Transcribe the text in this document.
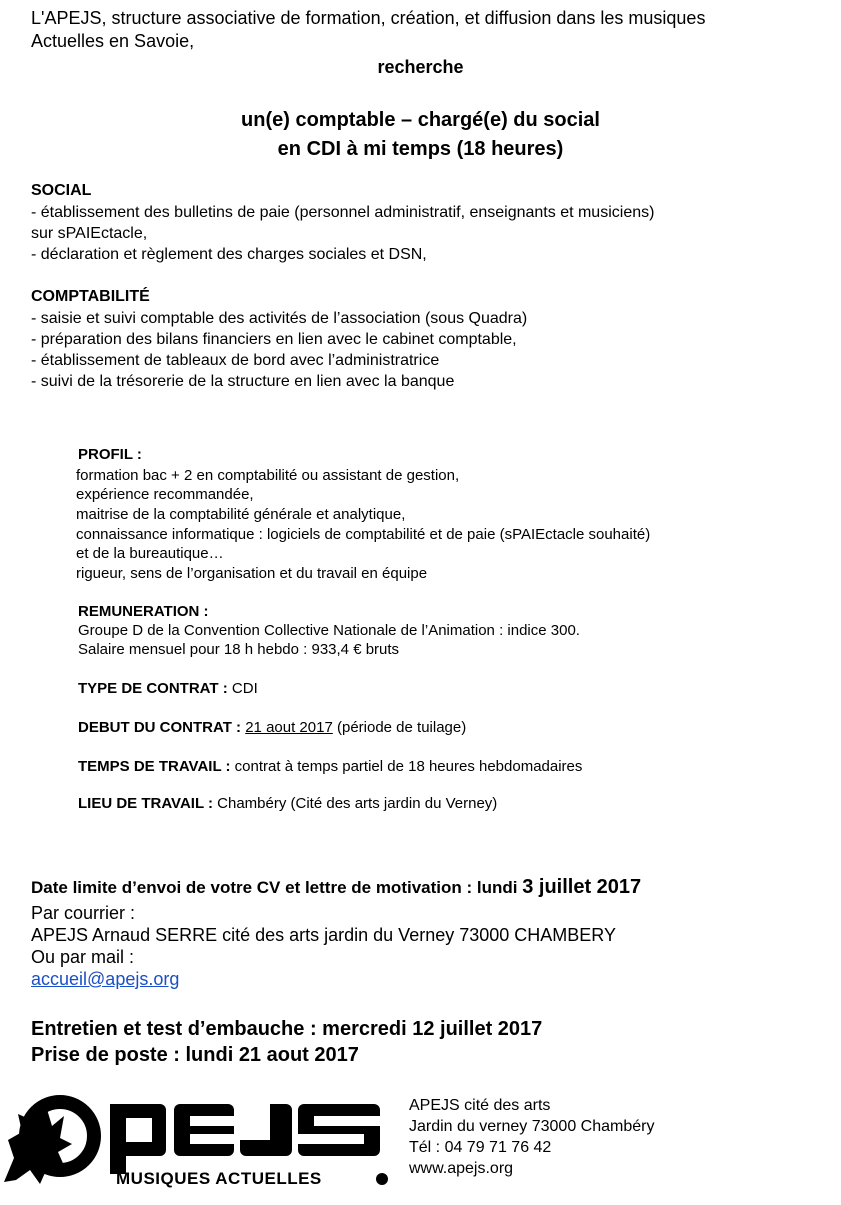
L'APEJS, structure associative de formation, création, et diffusion dans les musiques
Actuelles en Savoie,
recherche
un(e) comptable – chargé(e) du social
en CDI à mi temps (18 heures)
SOCIAL
- établissement des bulletins de paie (personnel administratif, enseignants et musiciens)
sur sPAIEctacle,
- déclaration et règlement des charges sociales et DSN,
COMPTABILITÉ
- saisie et suivi comptable des activités de l’association (sous Quadra)
- préparation des bilans financiers en lien avec le cabinet comptable,
- établissement de tableaux de bord avec l’administratrice
- suivi de la trésorerie de la structure en lien avec la banque
PROFIL :
formation bac + 2 en comptabilité ou assistant de gestion,
expérience recommandée,
maitrise de la comptabilité générale et analytique,
connaissance informatique : logiciels de comptabilité et de paie (sPAIEctacle souhaité)
et de la bureautique…
rigueur, sens de l’organisation et du travail en équipe
REMUNERATION :
Groupe D de la Convention Collective Nationale de l’Animation : indice 300.
Salaire mensuel pour 18 h hebdo : 933,4 € bruts
TYPE DE CONTRAT : CDI
DEBUT DU CONTRAT : 21 aout 2017 (période de tuilage)
TEMPS DE TRAVAIL : contrat à temps partiel de 18 heures hebdomadaires
LIEU DE TRAVAIL : Chambéry (Cité des arts jardin du Verney)
Date limite d’envoi de votre CV et lettre de motivation : lundi 3 juillet 2017
Par courrier :
APEJS Arnaud SERRE cité des arts jardin du Verney 73000 CHAMBERY
Ou par mail :
accueil@apejs.org
Entretien et test d’embauche : mercredi 12 juillet 2017
Prise de poste : lundi 21 aout 2017
MUSIQUES ACTUELLES
APEJS cité des arts
Jardin du verney 73000 Chambéry
Tél : 04 79 71 76 42
www.apejs.org
